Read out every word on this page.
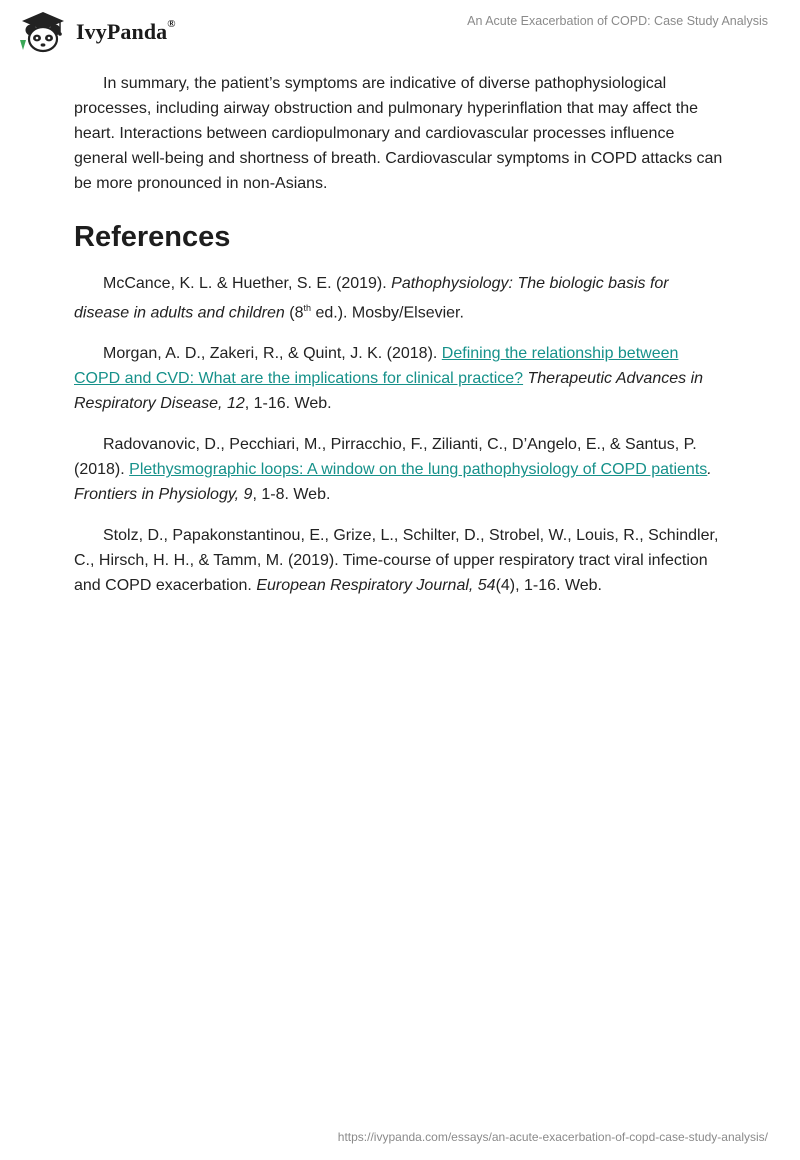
IvyPanda®	An Acute Exacerbation of COPD: Case Study Analysis

In summary, the patient’s symptoms are indicative of diverse pathophysiological processes, including airway obstruction and pulmonary hyperinflation that may affect the heart. Interactions between cardiopulmonary and cardiovascular processes influence general well-being and shortness of breath. Cardiovascular symptoms in COPD attacks can be more pronounced in non-Asians.

References

McCance, K. L. & Huether, S. E. (2019). Pathophysiology: The biologic basis for disease in adults and children (8th ed.). Mosby/Elsevier.

Morgan, A. D., Zakeri, R., & Quint, J. K. (2018). Defining the relationship between COPD and CVD: What are the implications for clinical practice? Therapeutic Advances in Respiratory Disease, 12, 1-16. Web.

Radovanovic, D., Pecchiari, M., Pirracchio, F., Zilianti, C., D’Angelo, E., & Santus, P. (2018). Plethysmographic loops: A window on the lung pathophysiology of COPD patients. Frontiers in Physiology, 9, 1-8. Web.

Stolz, D., Papakonstantinou, E., Grize, L., Schilter, D., Strobel, W., Louis, R., Schindler, C., Hirsch, H. H., & Tamm, M. (2019). Time-course of upper respiratory tract viral infection and COPD exacerbation. European Respiratory Journal, 54(4), 1-16. Web.

https://ivypanda.com/essays/an-acute-exacerbation-of-copd-case-study-analysis/
